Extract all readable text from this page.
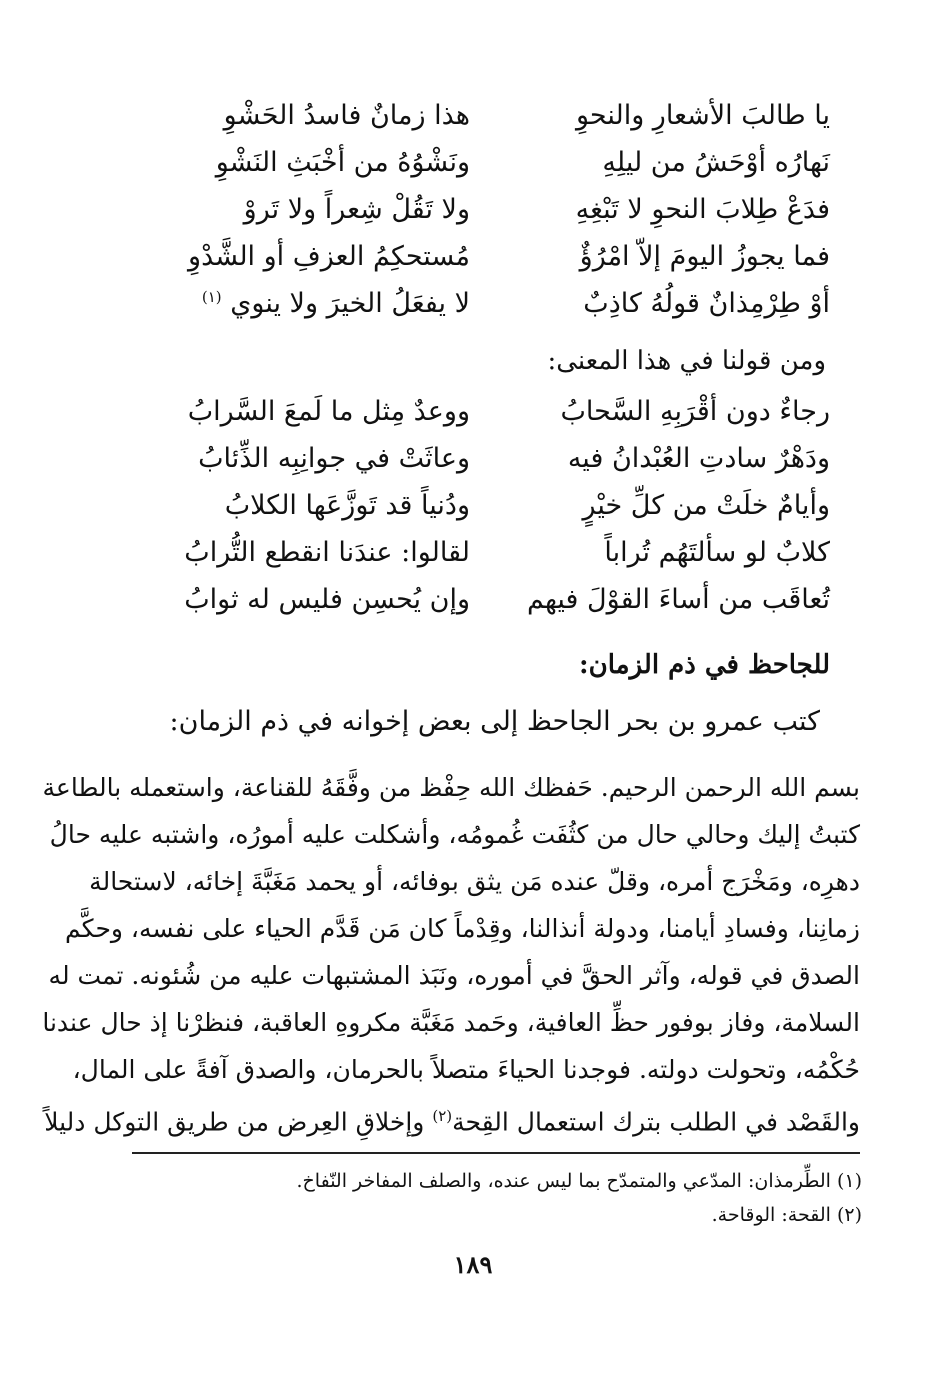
يا طالبَ الأشعارِ والنحوِ
هذا زمانٌ فاسدُ الحَشْوِ
نَهارُه أوْحَشُ من ليلِهِ
ونَشْوُهُ من أخْبَثِ النَشْوِ
فدَعْ طِلابَ النحوِ لا تَبْغِهِ
ولا تَقُلْ شِعراً ولا تَروْ
فما يجوزُ اليومَ إلاّ امْرُؤٌ
مُستحكِمُ العزفِ أو الشَّدْوِ
أوْ طِرْمِذانٌ قولُهُ كاذِبٌ
لا يفعَلُ الخيرَ ولا ينوي $^{(١)}$
ومن قولنا في هذا المعنى:
رجاءٌ دون أقْرَبِهِ السَّحابُ
ووعدٌ مِثل ما لَمعَ السَّرابُ
ودَهْرٌ سادتِ العُبْدانُ فيه
وعاثَتْ في جوانِبِه الذِّئابُ
وأيامٌ خلَتْ من كلِّ خيْرٍ
ودُنياً قد تَوزَّعَها الكلابُ
كلابٌ لو سألتَهُم تُراباً
لقالوا: عندَنا انقطع التُّرابُ
تُعاقَب من أساءَ القوْلَ فيهم
وإن يُحسِن فليس له ثوابُ
للجاحظ في ذم الزمان:
كتب عمرو بن بحر الجاحظ إلى بعض إخوانه في ذم الزمان:
بسم الله الرحمن الرحيم. حَفظك الله حِفْظ من وفَّقَهُ للقناعة، واستعمله بالطاعة
كتبتُ إليك وحالي حال من كثُفَت غُمومُه، وأشكلت عليه أمورُه، واشتبه عليه حالُ
دهرِه، ومَخْرَج أمره، وقلّ عنده مَن يثق بوفائه، أو يحمد مَغَبَّةَ إخائه، لاستحالة
زمانِنا، وفسادِ أيامنا، ودولة أنذالنا، وقِدْماً كان مَن قَدَّم الحياء على نفسه، وحكَّم
الصدق في قوله، وآثر الحقَّ في أموره، ونَبَذ المشتبهات عليه من شُئونه. تمت له
السلامة، وفاز بوفور حظِّ العافية، وحَمد مَغَبَّة مكروهِ العاقبة، فنظرْنا إذ حال عندنا
حُكْمُه، وتحولت دولته. فوجدنا الحياءَ متصلاً بالحرمان، والصدق آفةً على المال،
والقَصْد في الطلب بترك استعمال القِحة$^{(٢)}$ وإخلاقِ العِرض من طريق التوكل دليلاً
(١) الطِّرمذان: المدّعي والمتمدّح بما ليس عنده، والصلف المفاخر النّفاخ.
(٢) القحة: الوقاحة.
١٨٩
